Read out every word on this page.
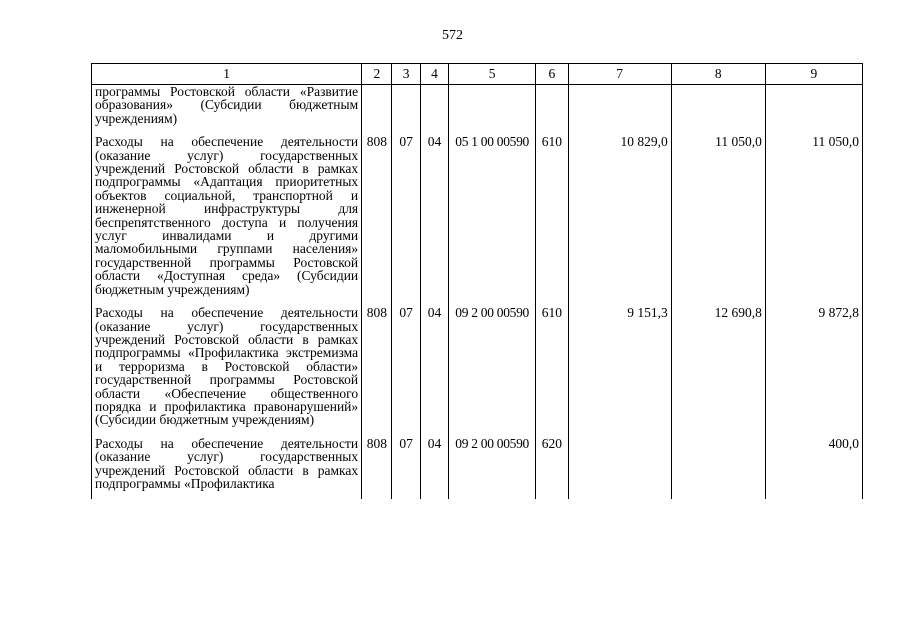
572
1	2	3	4	5	6	7	8	9
программы Ростовской области «Развитие образования» (Субсидии бюджетным учреждениям)								
Расходы на обеспечение деятельности (оказание услуг) государственных учреждений Ростовской области в рамках подпрограммы «Адаптация приоритетных объектов социальной, транспортной и инженерной инфраструктуры для беспрепятственного доступа и получения услуг инвалидами и другими маломобильными группами населения» государственной программы Ростовской области «Доступная среда» (Субсидии бюджетным учреждениям)	808	07	04	05 1 00 00590	610	10 829,0	11 050,0	11 050,0
Расходы на обеспечение деятельности (оказание услуг) государственных учреждений Ростовской области в рамках подпрограммы «Профилактика экстремизма и терроризма в Ростовской области» государственной программы Ростовской области «Обеспечение общественного порядка и профилактика правонарушений» (Субсидии бюджетным учреждениям)	808	07	04	09 2 00 00590	610	9 151,3	12 690,8	9 872,8
Расходы на обеспечение деятельности (оказание услуг) государственных учреждений Ростовской области в рамках подпрограммы «Профилактика	808	07	04	09 2 00 00590	620			400,0
